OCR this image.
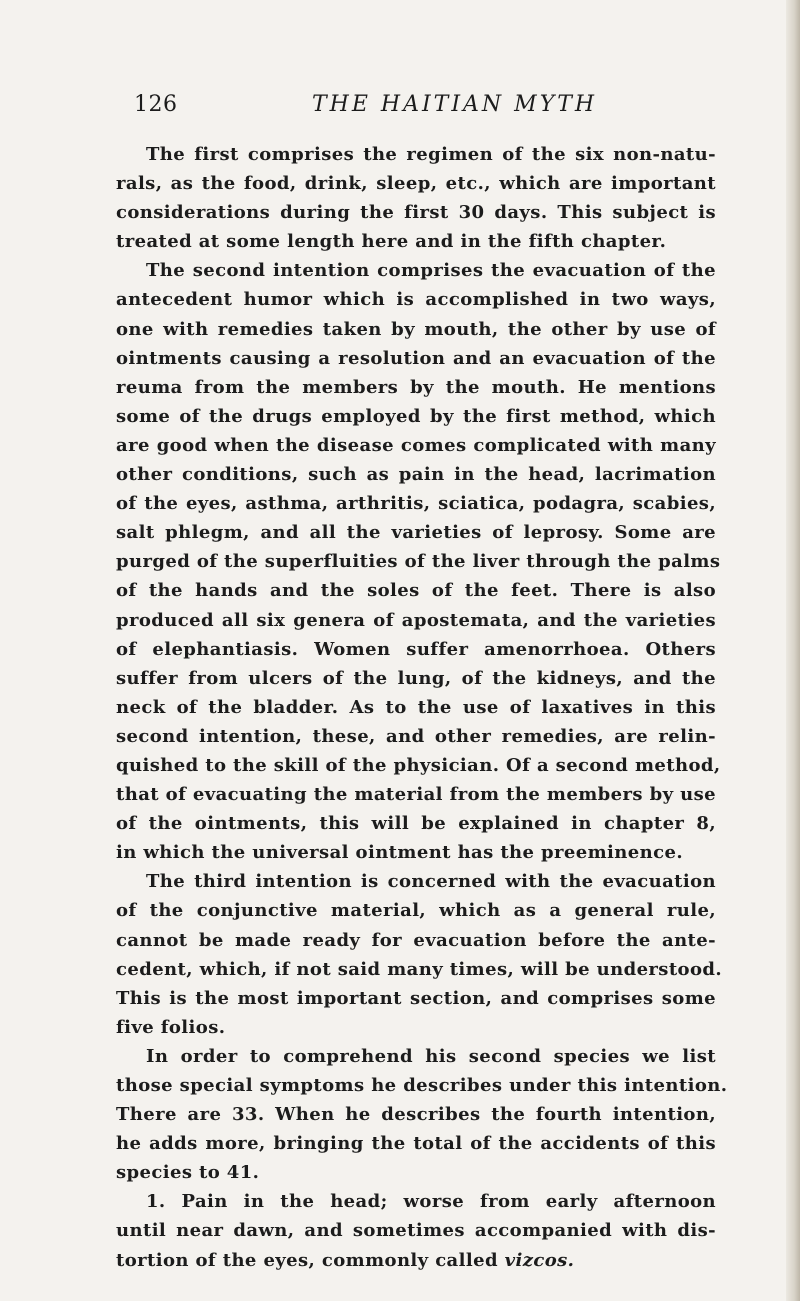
126	THE HAITIAN MYTH
The first comprises the regimen of the six non-natu-
rals, as the food, drink, sleep, etc., which are important
considerations during the first 30 days. This subject is
treated at some length here and in the fifth chapter.
The second intention comprises the evacuation of the
antecedent humor which is accomplished in two ways,
one with remedies taken by mouth, the other by use of
ointments causing a resolution and an evacuation of the
reuma from the members by the mouth. He mentions
some of the drugs employed by the first method, which
are good when the disease comes complicated with many
other conditions, such as pain in the head, lacrimation
of the eyes, asthma, arthritis, sciatica, podagra, scabies,
salt phlegm, and all the varieties of leprosy. Some are
purged of the superfluities of the liver through the palms
of the hands and the soles of the feet. There is also
produced all six genera of apostemata, and the varieties
of elephantiasis. Women suffer amenorrhoea. Others
suffer from ulcers of the lung, of the kidneys, and the
neck of the bladder. As to the use of laxatives in this
second intention, these, and other remedies, are relin-
quished to the skill of the physician. Of a second method,
that of evacuating the material from the members by use
of the ointments, this will be explained in chapter 8,
in which the universal ointment has the preeminence.
The third intention is concerned with the evacuation
of the conjunctive material, which as a general rule,
cannot be made ready for evacuation before the ante-
cedent, which, if not said many times, will be understood.
This is the most important section, and comprises some
five folios.
In order to comprehend his second species we list
those special symptoms he describes under this intention.
There are 33. When he describes the fourth intention,
he adds more, bringing the total of the accidents of this
species to 41.
1. Pain in the head; worse from early afternoon
until near dawn, and sometimes accompanied with dis-
tortion of the eyes, commonly called vizcos.
